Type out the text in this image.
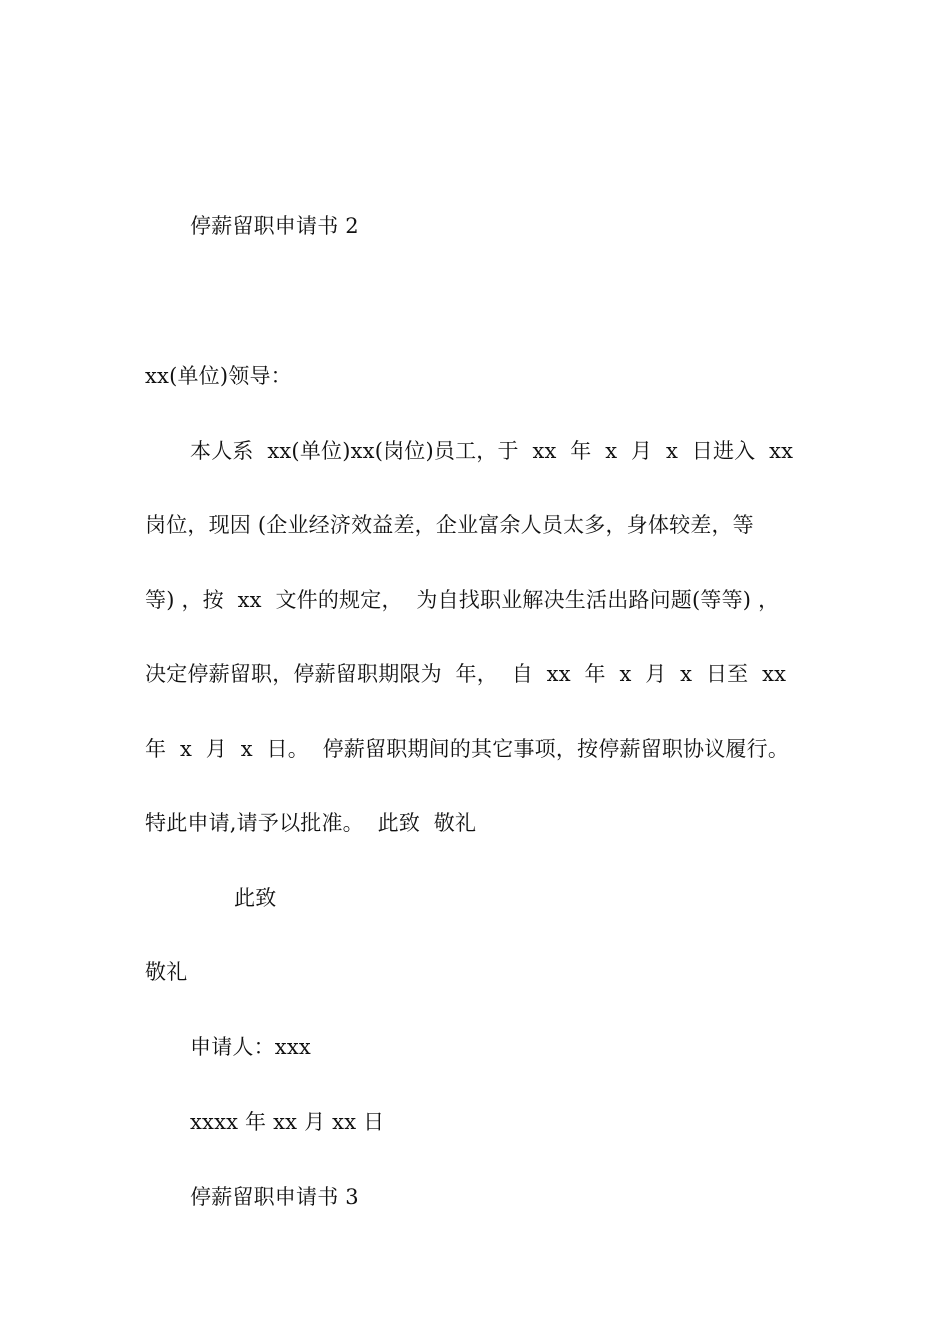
停薪留职申请书 2
xx(单位)领导：
本人系  xx(单位)xx(岗位)员工，于  xx  年  x  月  x  日进入  xx
岗位，现因 (企业经济效益差，企业富余人员太多，身体较差，等
等) ，按  xx  文件的规定，  为自找职业解决生活出路问题(等等) ，
决定停薪留职，停薪留职期限为  年，  自  xx  年  x  月  x  日至  xx
年  x  月  x  日。  停薪留职期间的其它事项，按停薪留职协议履行。
特此申请,请予以批准。  此致  敬礼
此致
敬礼
申请人：xxx
xxxx 年 xx 月 xx 日
停薪留职申请书 3
